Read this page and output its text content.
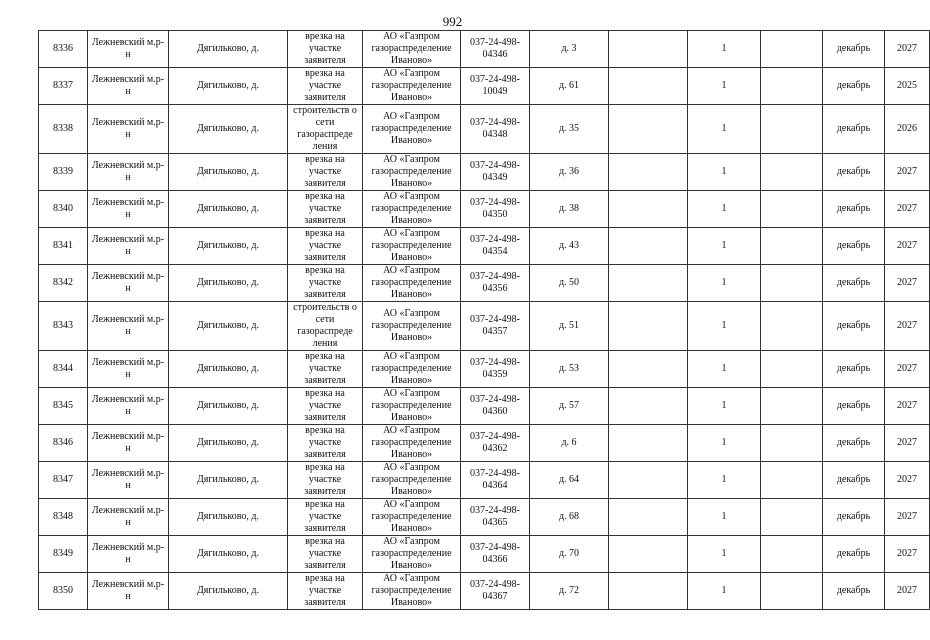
992
8336	Лежневский м.р-н	Дягильково, д.	врезка на участке заявителя	АО «Газпром газораспределение Иваново»	037-24-498-04346	д. 3		1		декабрь	2027
8337	Лежневский м.р-н	Дягильково, д.	врезка на участке заявителя	АО «Газпром газораспределение Иваново»	037-24-498-10049	д. 61		1		декабрь	2025
8338	Лежневский м.р-н	Дягильково, д.	строительств о сети газораспреде ления	АО «Газпром газораспределение Иваново»	037-24-498-04348	д. 35		1		декабрь	2026
8339	Лежневский м.р-н	Дягильково, д.	врезка на участке заявителя	АО «Газпром газораспределение Иваново»	037-24-498-04349	д. 36		1		декабрь	2027
8340	Лежневский м.р-н	Дягильково, д.	врезка на участке заявителя	АО «Газпром газораспределение Иваново»	037-24-498-04350	д. 38		1		декабрь	2027
8341	Лежневский м.р-н	Дягильково, д.	врезка на участке заявителя	АО «Газпром газораспределение Иваново»	037-24-498-04354	д. 43		1		декабрь	2027
8342	Лежневский м.р-н	Дягильково, д.	врезка на участке заявителя	АО «Газпром газораспределение Иваново»	037-24-498-04356	д. 50		1		декабрь	2027
8343	Лежневский м.р-н	Дягильково, д.	строительств о сети газораспреде ления	АО «Газпром газораспределение Иваново»	037-24-498-04357	д. 51		1		декабрь	2027
8344	Лежневский м.р-н	Дягильково, д.	врезка на участке заявителя	АО «Газпром газораспределение Иваново»	037-24-498-04359	д. 53		1		декабрь	2027
8345	Лежневский м.р-н	Дягильково, д.	врезка на участке заявителя	АО «Газпром газораспределение Иваново»	037-24-498-04360	д. 57		1		декабрь	2027
8346	Лежневский м.р-н	Дягильково, д.	врезка на участке заявителя	АО «Газпром газораспределение Иваново»	037-24-498-04362	д. 6		1		декабрь	2027
8347	Лежневский м.р-н	Дягильково, д.	врезка на участке заявителя	АО «Газпром газораспределение Иваново»	037-24-498-04364	д. 64		1		декабрь	2027
8348	Лежневский м.р-н	Дягильково, д.	врезка на участке заявителя	АО «Газпром газораспределение Иваново»	037-24-498-04365	д. 68		1		декабрь	2027
8349	Лежневский м.р-н	Дягильково, д.	врезка на участке заявителя	АО «Газпром газораспределение Иваново»	037-24-498-04366	д. 70		1		декабрь	2027
8350	Лежневский м.р-н	Дягильково, д.	врезка на участке заявителя	АО «Газпром газораспределение Иваново»	037-24-498-04367	д. 72		1		декабрь	2027
